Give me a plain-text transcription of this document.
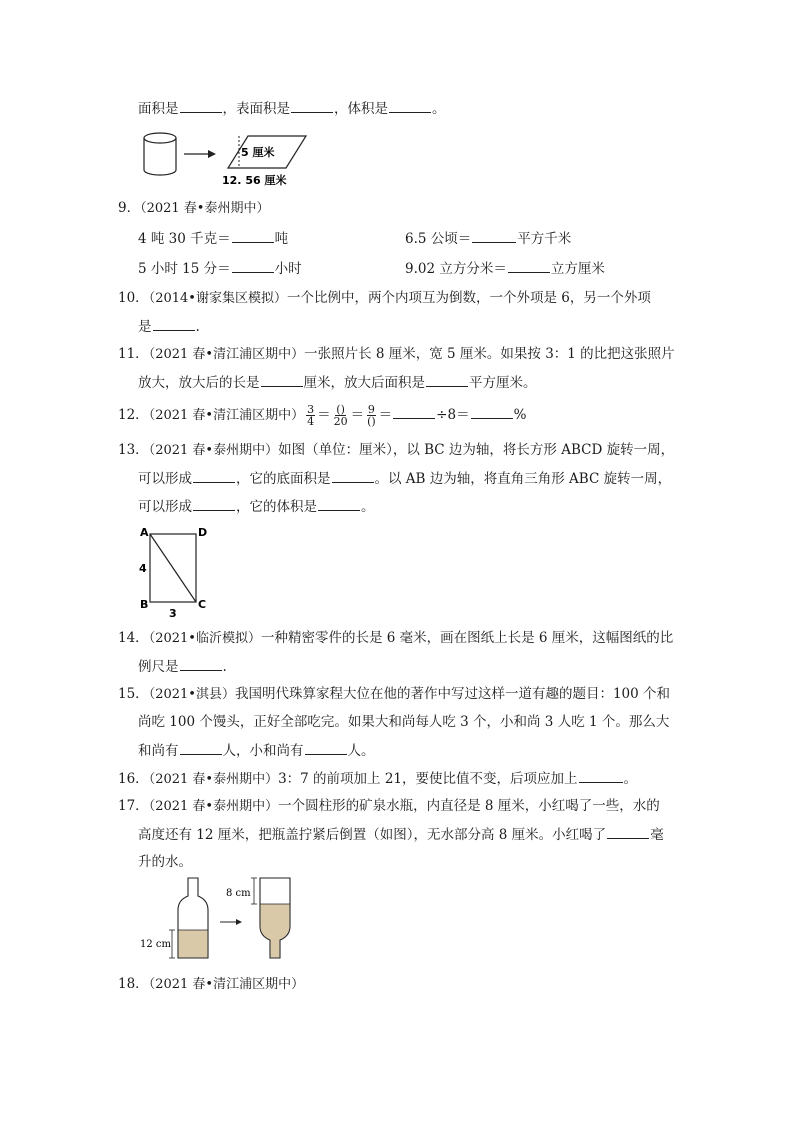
面积是	，表面积是	，体积是	。
5 厘米
12. 56 厘米
9．（2021 春•泰州期中）
4 吨 30 千克＝	吨	6.5 公顷＝	平方千米
5 小时 15 分＝	小时	9.02 立方分米＝	立方厘米
10．（2014•谢家集区模拟）一个比例中，两个内项互为倒数，一个外项是 6，另一个外项
是	.
11．（2021 春•清江浦区期中）一张照片长 8 厘米，宽 5 厘米。如果按 3：1 的比把这张照片
放大，放大后的长是	厘米，放大后面积是	平方厘米。
12．（2021 春•清江浦区期中） $\frac{3}{4} = \frac{()}{20} = \frac{9}{()}$ ＝	÷8＝	%
13．（2021 春•泰州期中）如图（单位：厘米），以 BC 边为轴，将长方形 ABCD 旋转一周，
可以形成	，它的底面积是	。以 AB 边为轴，将直角三角形 ABC 旋转一周，
可以形成	，它的体积是	。
A	D
B	C
4
3
14．（2021•临沂模拟）一种精密零件的长是 6 毫米，画在图纸上长是 6 厘米，这幅图纸的比
例尺是	.
15．（2021•淇县）我国明代珠算家程大位在他的著作中写过这样一道有趣的题目：100 个和
尚吃 100 个馒头，正好全部吃完。如果大和尚每人吃 3 个，小和尚 3 人吃 1 个。那么大
和尚有	人，小和尚有	人。
16．（2021 春•泰州期中）3：7 的前项加上 21，要使比值不变，后项应加上	。
17．（2021 春•泰州期中）一个圆柱形的矿泉水瓶，内直径是 8 厘米，小红喝了一些，水的
高度还有 12 厘米，把瓶盖拧紧后倒置（如图），无水部分高 8 厘米。小红喝了	毫
升的水。
12 cm
8 cm
18．（2021 春•清江浦区期中）
